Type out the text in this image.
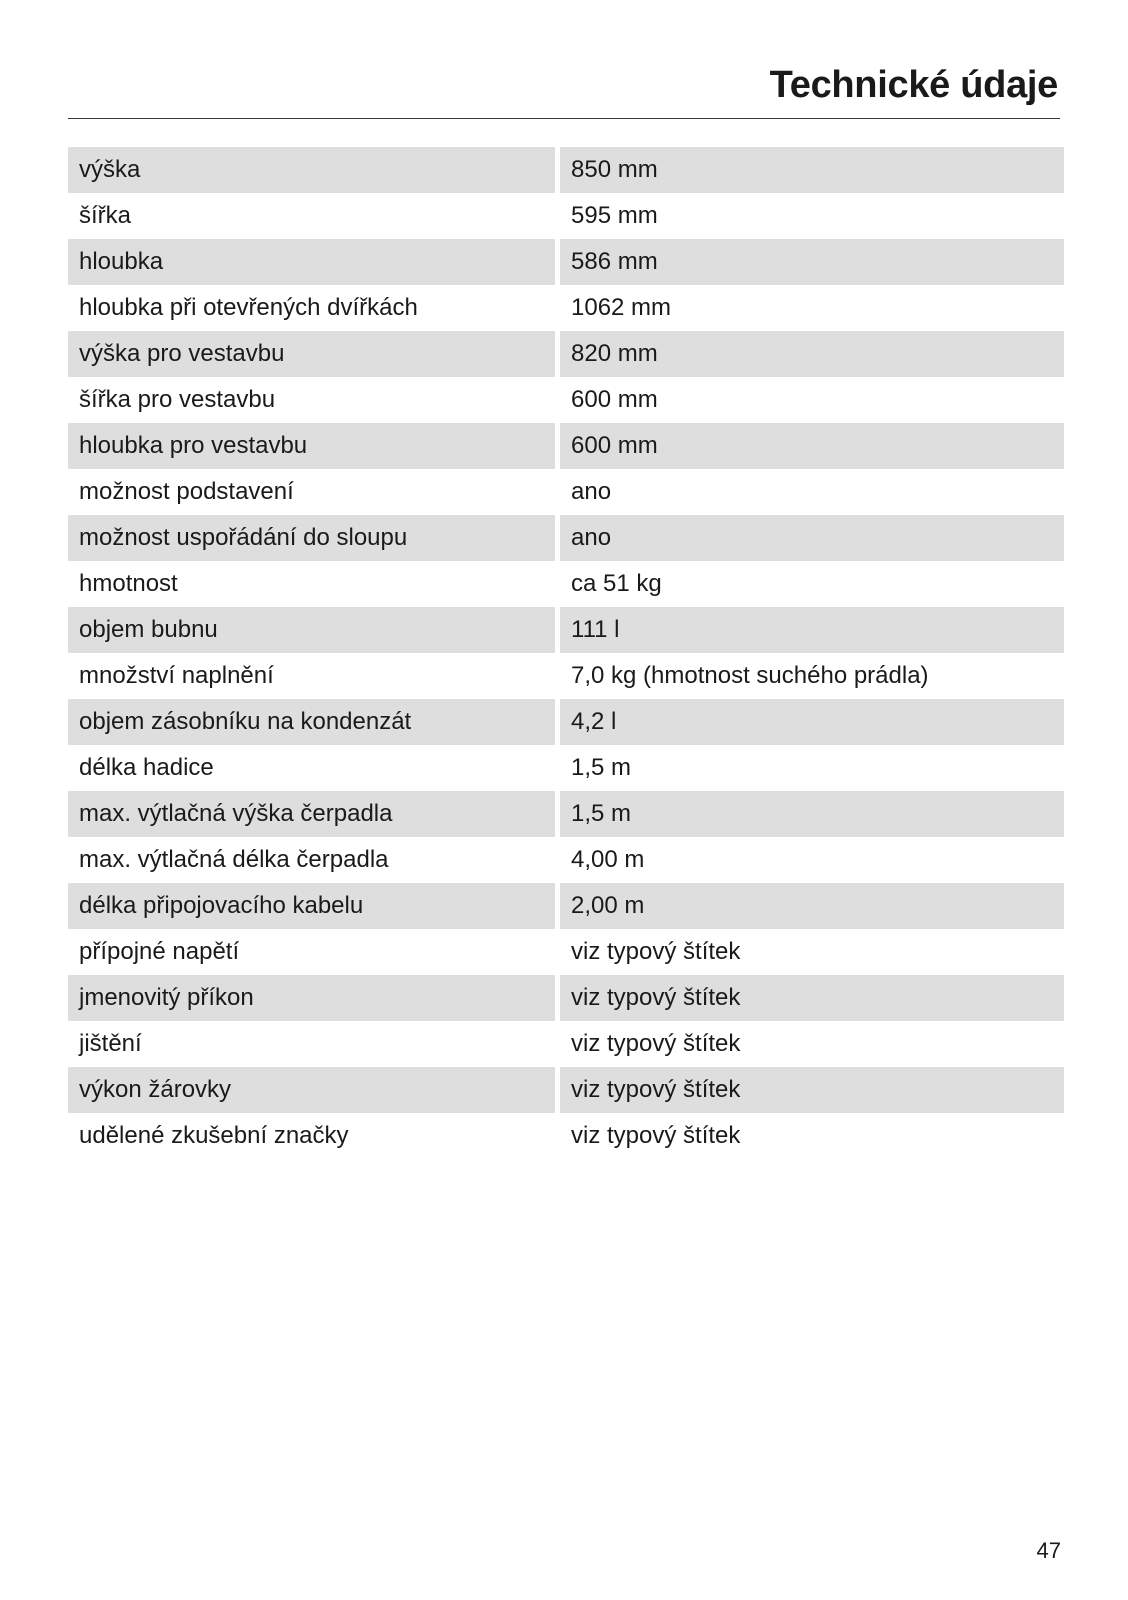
Technické údaje
výška	850 mm
šířka	595 mm
hloubka	586 mm
hloubka při otevřených dvířkách	1062 mm
výška pro vestavbu	820 mm
šířka pro vestavbu	600 mm
hloubka pro vestavbu	600 mm
možnost podstavení	ano
možnost uspořádání do sloupu	ano
hmotnost	ca 51 kg
objem bubnu	111 l
množství naplnění	7,0 kg (hmotnost suchého prádla)
objem zásobníku na kondenzát	4,2 l
délka hadice	1,5 m
max. výtlačná výška čerpadla	1,5 m
max. výtlačná délka čerpadla	4,00 m
délka připojovacího kabelu	2,00 m
přípojné napětí	viz typový štítek
jmenovitý příkon	viz typový štítek
jištění	viz typový štítek
výkon žárovky	viz typový štítek
udělené zkušební značky	viz typový štítek
47
